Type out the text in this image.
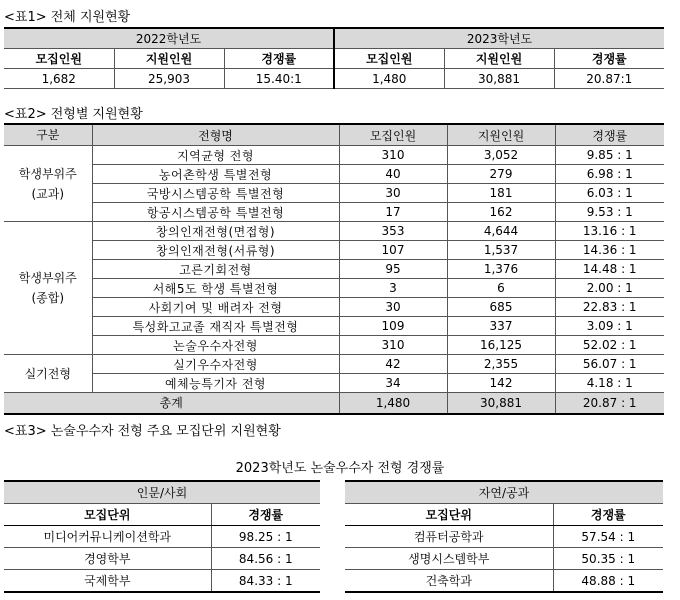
<표1> 전체 지원현황
2022학년도			2023학년도		
모집인원	지원인원	경쟁률	모집인원	지원인원	경쟁률
1,682	25,903	15.40:1	1,480	30,881	20.87:1
<표2> 전형별 지원현황
구분	전형명	모집인원	지원인원	경쟁률
학생부위주
(교과)	지역균형 전형	310	3,052	9.85 : 1
	농어촌학생 특별전형	40	279	6.98 : 1
	국방시스템공학 특별전형	30	181	6.03 : 1
	항공시스템공학 특별전형	17	162	9.53 : 1
학생부위주
(종합)	창의인재전형(면접형)	353	4,644	13.16 : 1
	창의인재전형(서류형)	107	1,537	14.36 : 1
	고른기회전형	95	1,376	14.48 : 1
	서해5도 학생 특별전형	3	6	2.00 : 1
	사회기여 및 배려자 전형	30	685	22.83 : 1
	특성화고교졸 재직자 특별전형	109	337	3.09 : 1
	논술우수자전형	310	16,125	52.02 : 1
실기전형	실기우수자전형	42	2,355	56.07 : 1
	예체능특기자 전형	34	142	4.18 : 1
총계		1,480	30,881	20.87 : 1
<표3> 논술우수자 전형 주요 모집단위 지원현황
2023학년도 논술우수자 전형 경쟁률
인문/사회	
모집단위	경쟁률
미디어커뮤니케이션학과	98.25 : 1
경영학부	84.56 : 1
국제학부	84.33 : 1
자연/공과	
모집단위	경쟁률
컴퓨터공학과	57.54 : 1
생명시스템학부	50.35 : 1
건축학과	48.88 : 1
